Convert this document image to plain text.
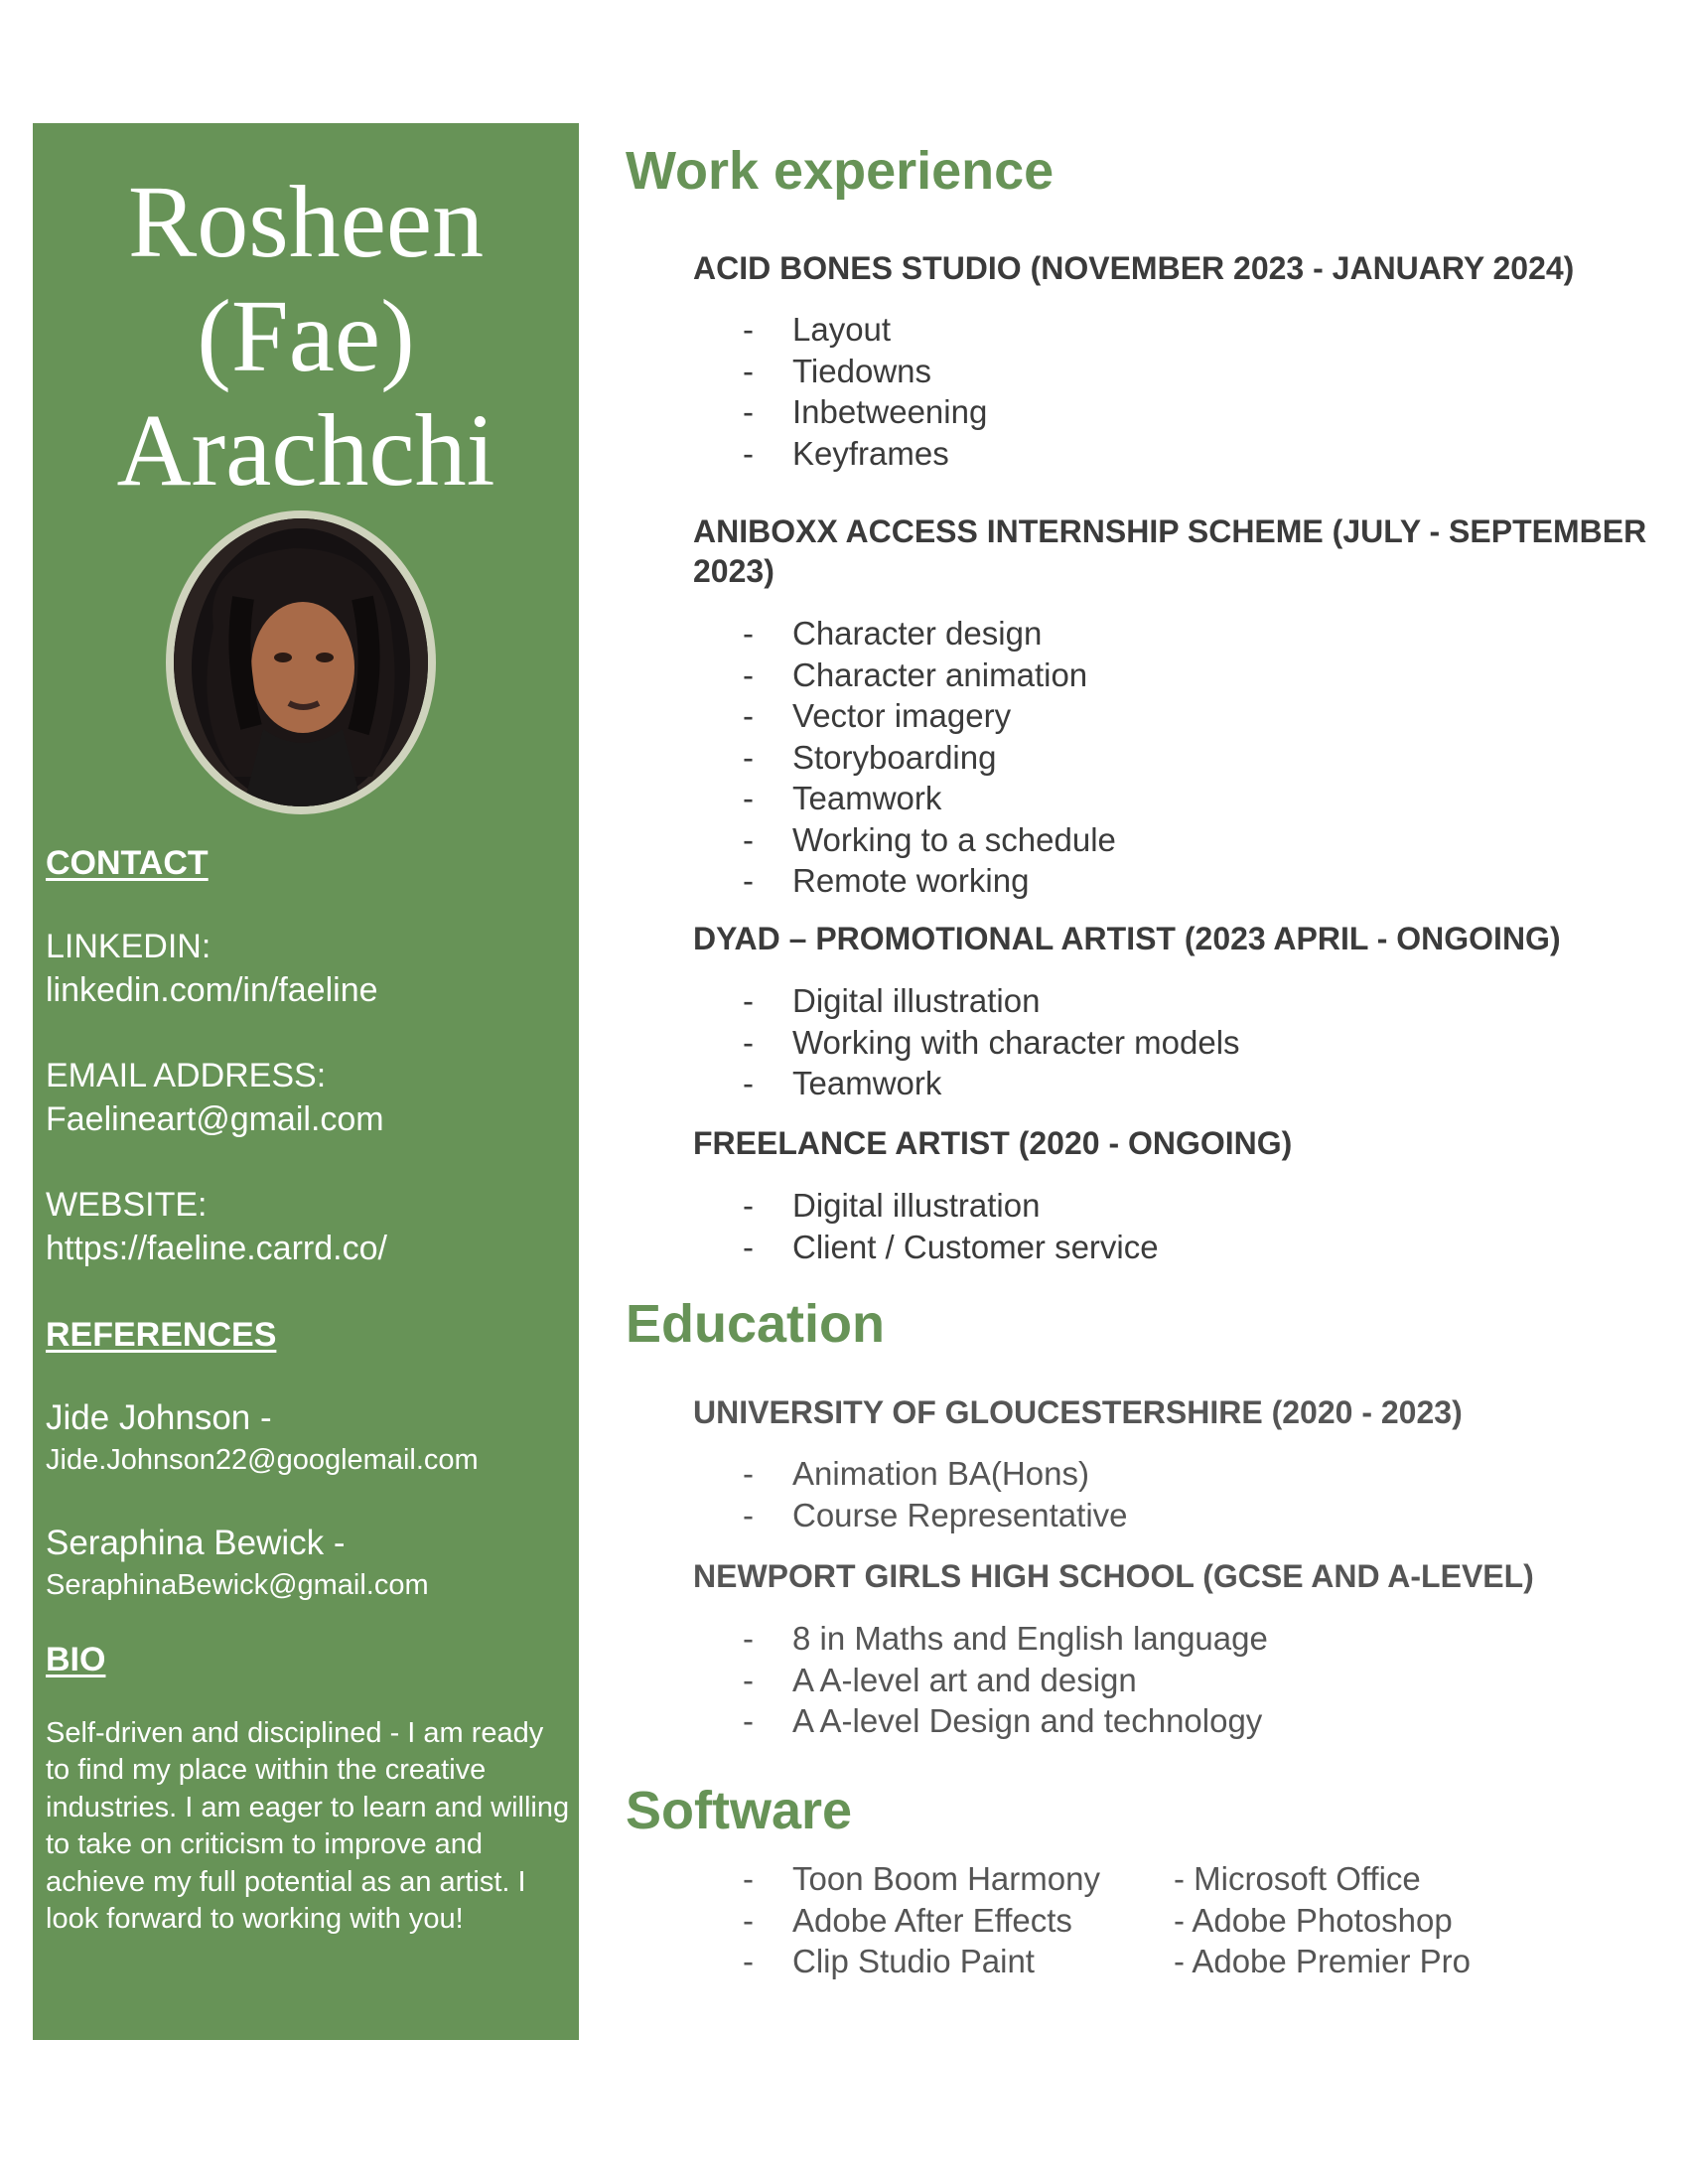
Rosheen
(Fae)
Arachchi
CONTACT

LINKEDIN:

linkedin.com/in/faeline

EMAIL ADDRESS:

Faelineart@gmail.com

WEBSITE:

https://faeline.carrd.co/

REFERENCES

Jide Johnson -

Jide.Johnson22@googlemail.com

Seraphina Bewick -

SeraphinaBewick@gmail.com

BIO

Self-driven and disciplined - I am ready to find my place within the creative industries. I am eager to learn and willing to take on criticism to improve and achieve my full potential as an artist. I look forward to working with you!

Work experience

ACID BONES STUDIO (NOVEMBER 2023 - JANUARY 2024)

- Layout
- Tiedowns
- Inbetweening
- Keyframes

ANIBOXX ACCESS INTERNSHIP SCHEME (JULY - SEPTEMBER 2023)

- Character design
- Character animation
- Vector imagery
- Storyboarding
- Teamwork
- Working to a schedule
- Remote working

DYAD – PROMOTIONAL ARTIST (2023 APRIL - ONGOING)

- Digital illustration
- Working with character models
- Teamwork

FREELANCE ARTIST (2020 - ONGOING)

- Digital illustration
- Client / Customer service
Education

UNIVERSITY OF GLOUCESTERSHIRE (2020 - 2023)

- Animation BA(Hons)
- Course Representative

NEWPORT GIRLS HIGH SCHOOL (GCSE AND A-LEVEL)

- 8 in Maths and English language
- A A-level art and design
- A A-level Design and technology
Software
- Toon Boom Harmony
- Adobe After Effects
- Clip Studio Paint
- Microsoft Office
- Adobe Photoshop
- Adobe Premier Pro
